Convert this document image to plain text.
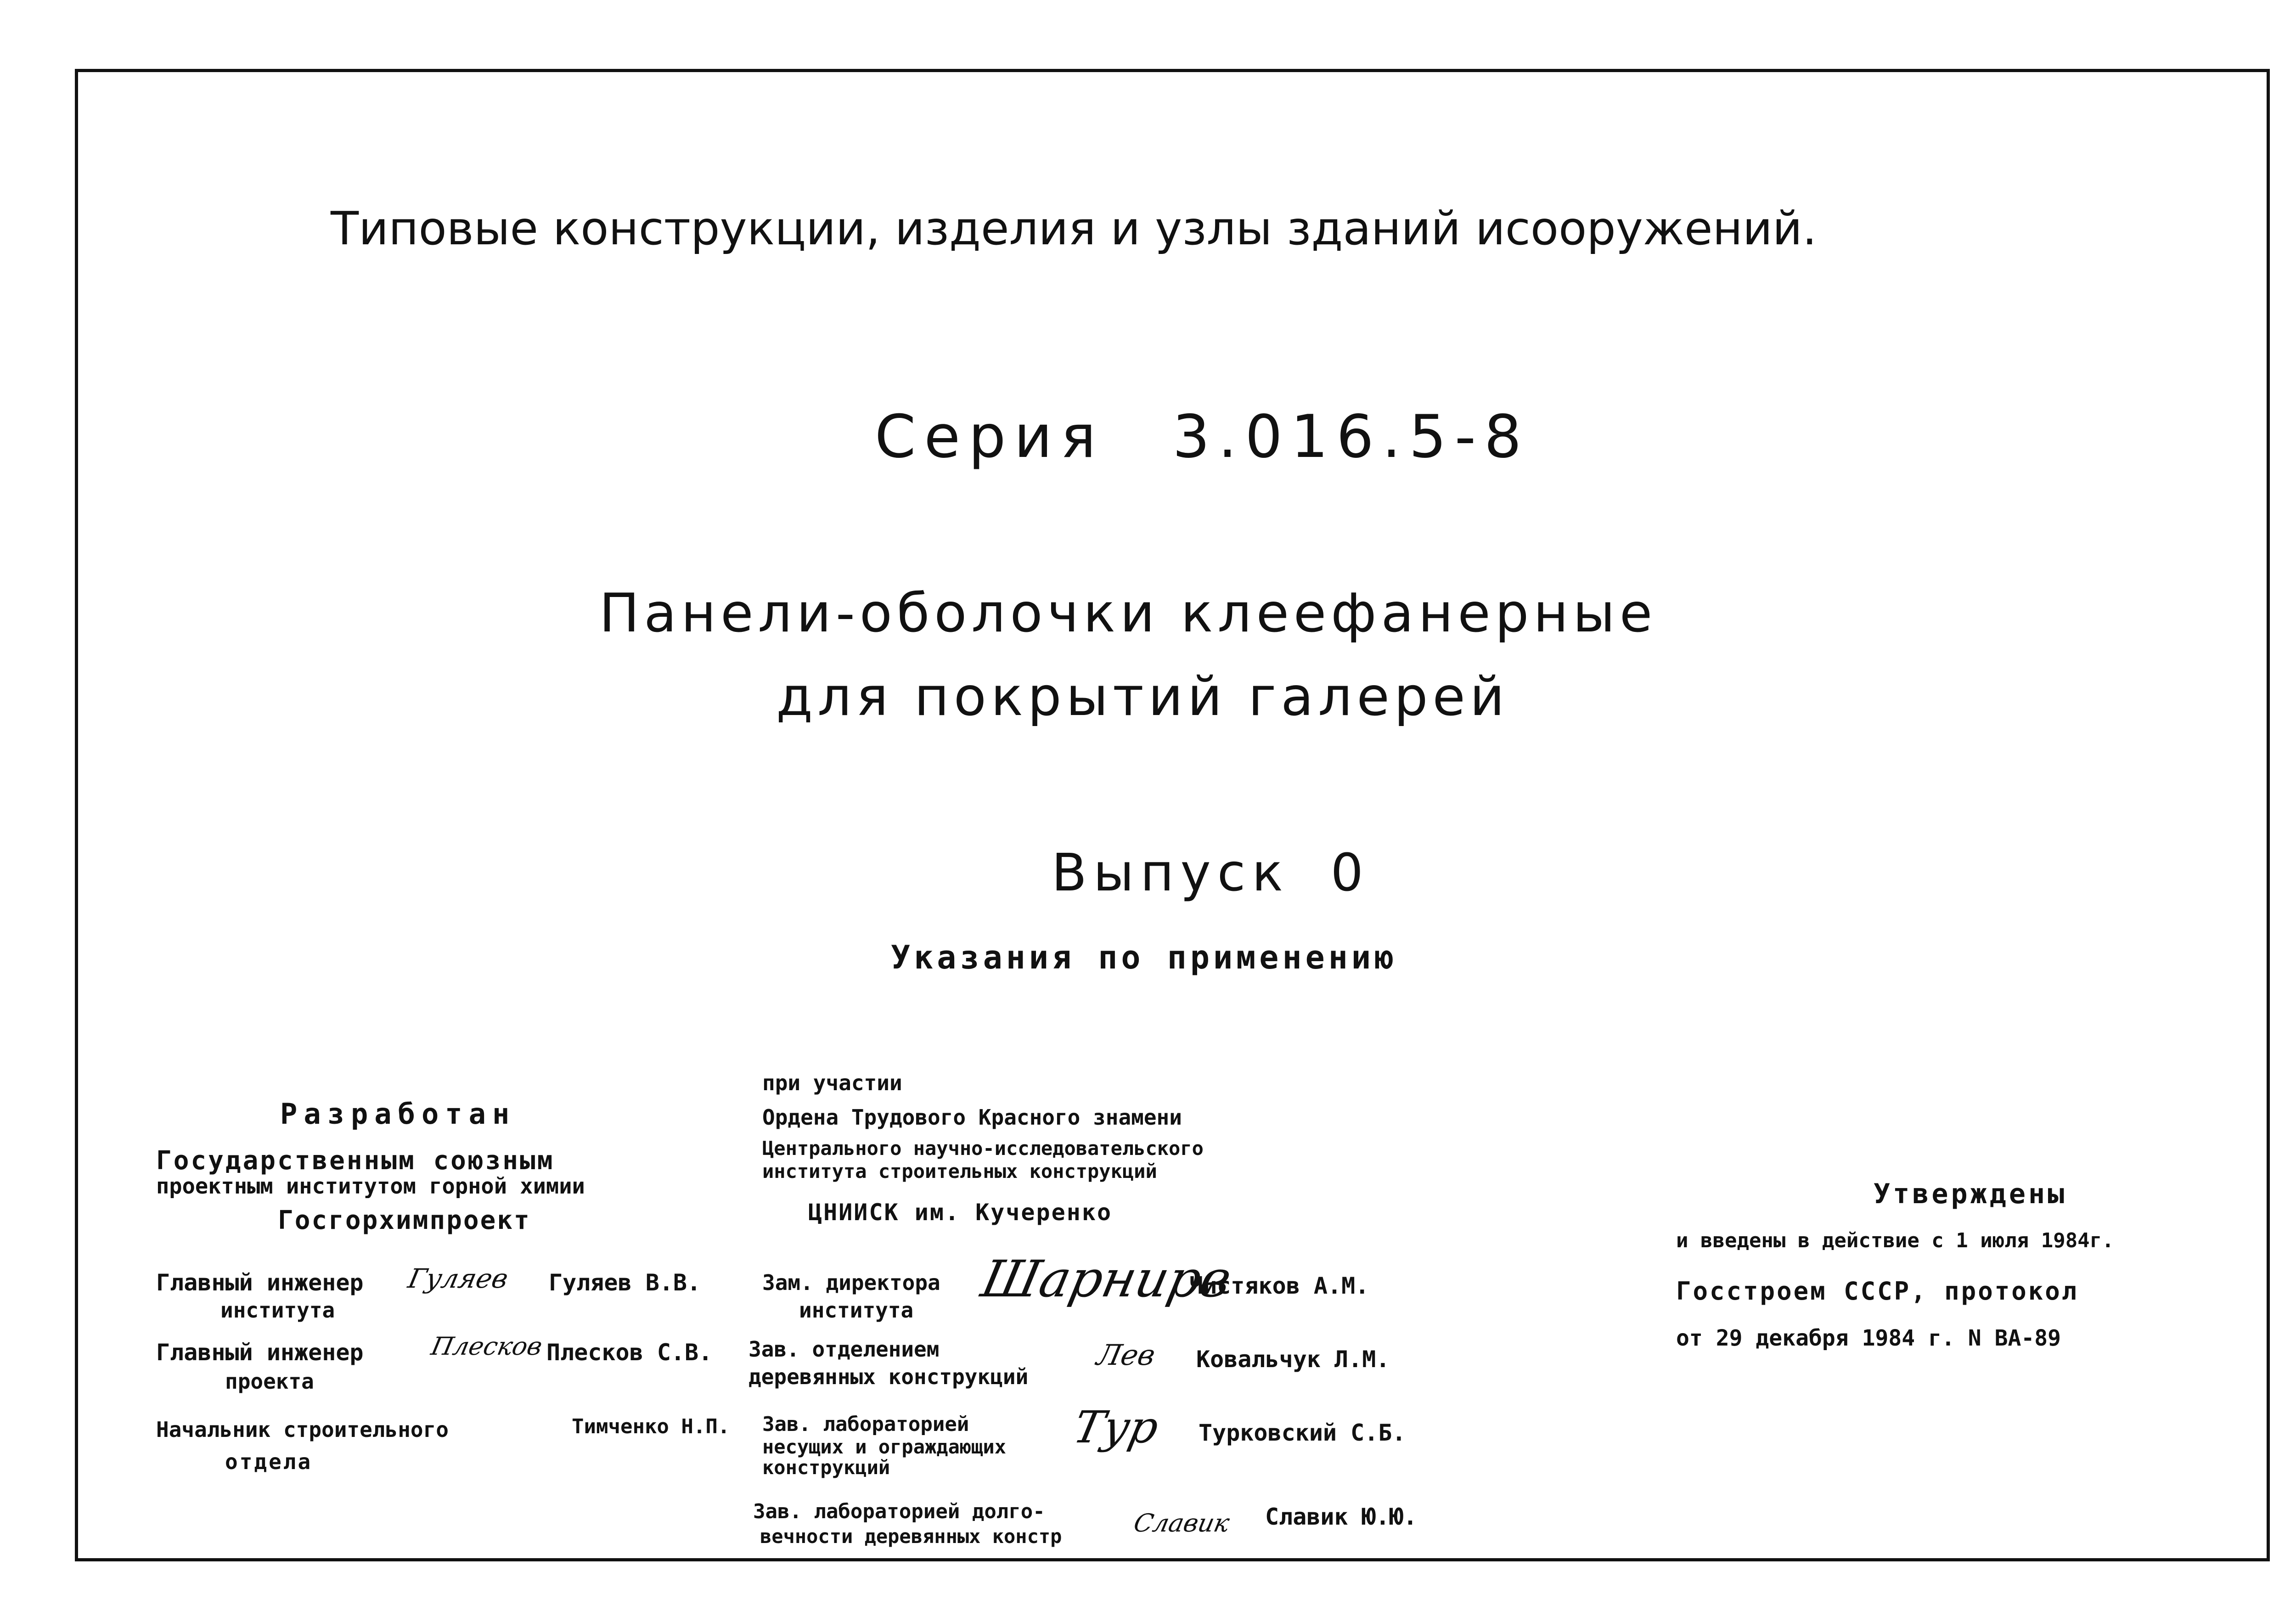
Типовые конструкции, изделия и узлы зданий исооружений.
Серия 3.016.5-8
Панели-оболочки клеефанерные
для покрытий галерей
Выпуск 0
Указания по применению
Разработан
Государственным союзным
проектным институтом горной химии
Госгорхимпроект
Главный инженер
института
Гуляев Гуляев В.В.
Главный инженер
проекта
Плесков Плесков С.В.
Начальник строительного
отдела
Тимченко Н.П.
при участии
Ордена Трудового Красного знамени
Центрального научно-исследовательского
института строительных конструкций
ЦНИИСК им. Кучеренко
Зам. директора
института
Шарнирв
Чистяков А.М.
Зав. отделением
деревянных конструкций
Лев Ковальчук Л.М.
Зав. лабораторией
несущих и ограждающих
конструкций
Тур Турковский С.Б.
Зав. лабораторией долго-
вечности деревянных констр	Славик Славик Ю.Ю.
Утверждены
и введены в действие с 1 июля 1984г.
Госстроем СССР, протокол
от 29 декабря 1984 г. N ВА-89
